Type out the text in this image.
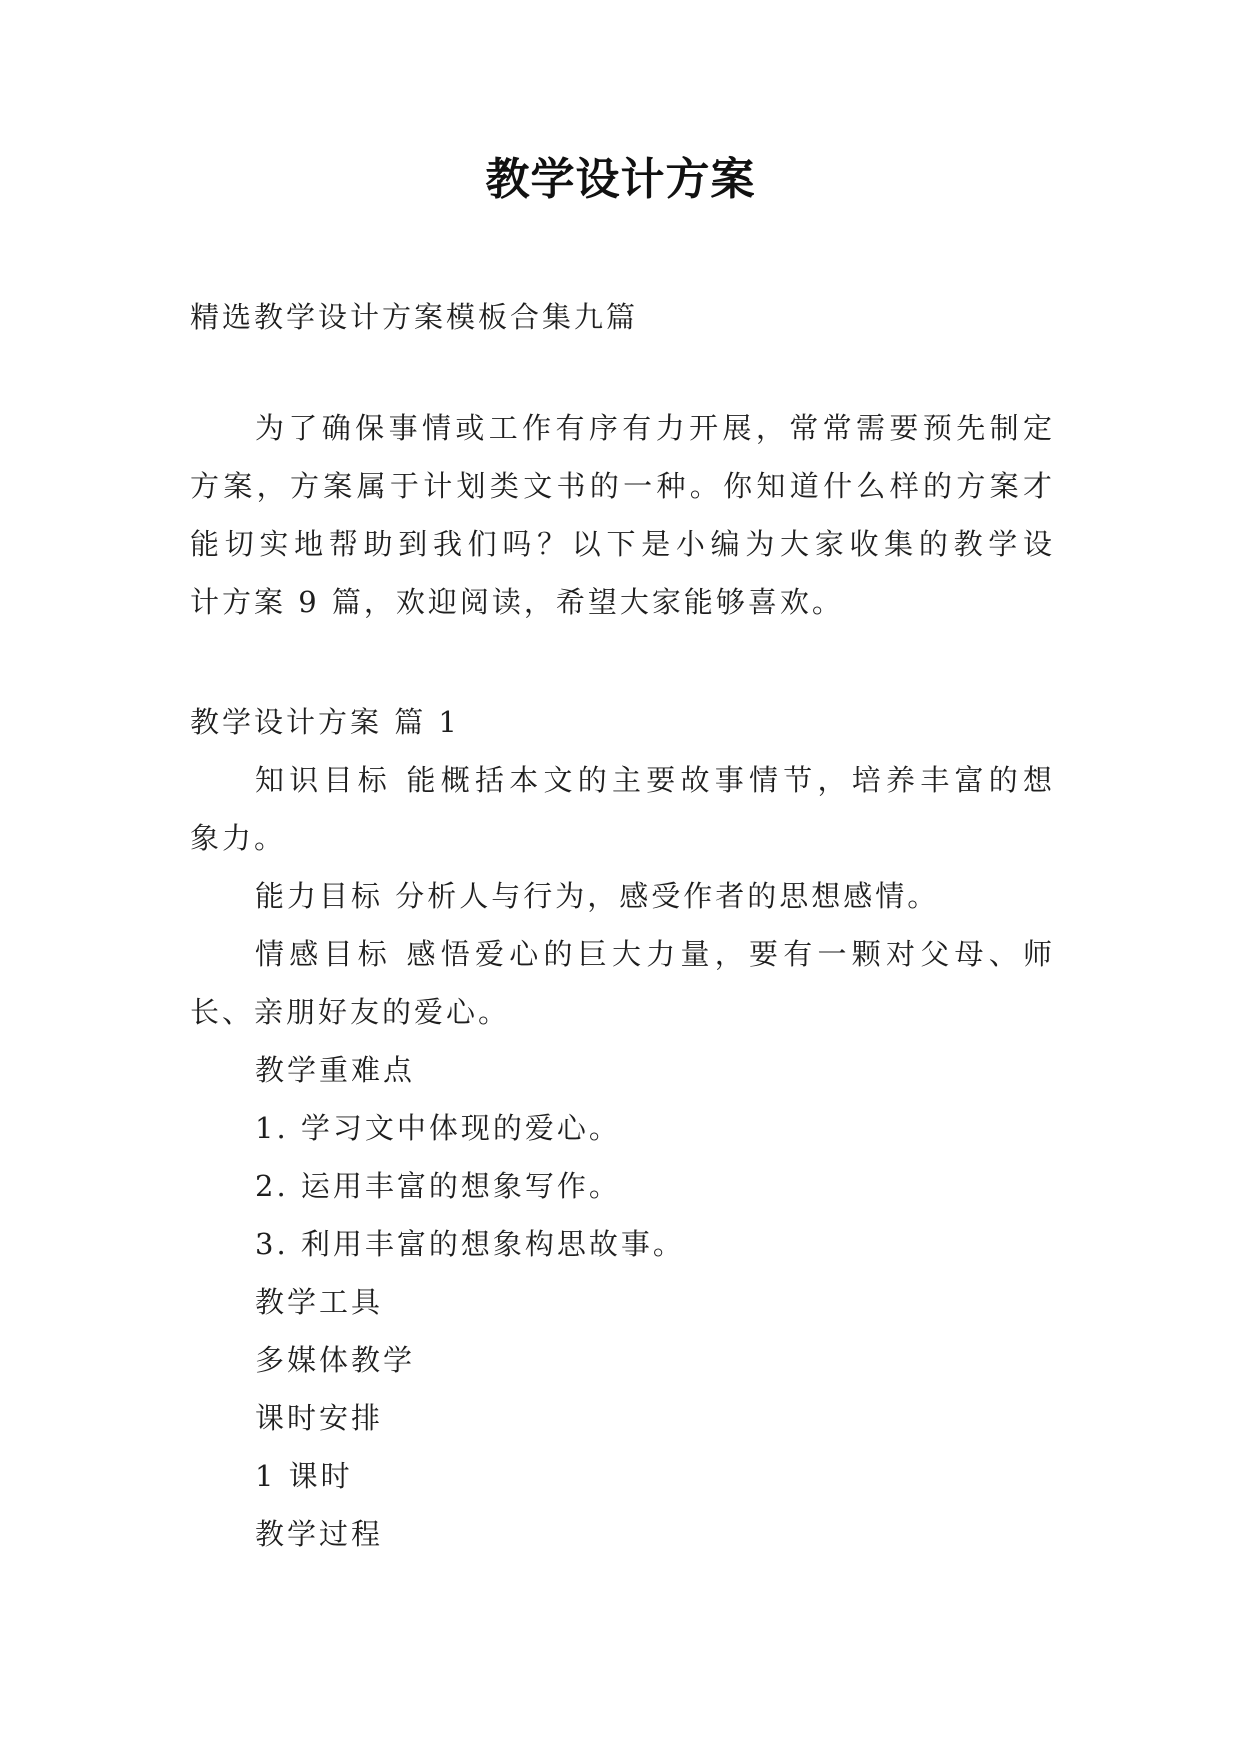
教学设计方案
精选教学设计方案模板合集九篇
为了确保事情或工作有序有力开展，常常需要预先制定
方案，方案属于计划类文书的一种。你知道什么样的方案才
能切实地帮助到我们吗？以下是小编为大家收集的教学设
计方案 9 篇，欢迎阅读，希望大家能够喜欢。
教学设计方案 篇 1
知识目标 能概括本文的主要故事情节，培养丰富的想
象力。
能力目标 分析人与行为，感受作者的思想感情。
情感目标 感悟爱心的巨大力量，要有一颗对父母、师
长、亲朋好友的爱心。
教学重难点
1. 学习文中体现的爱心。
2. 运用丰富的想象写作。
3. 利用丰富的想象构思故事。
教学工具
多媒体教学
课时安排
1 课时
教学过程
